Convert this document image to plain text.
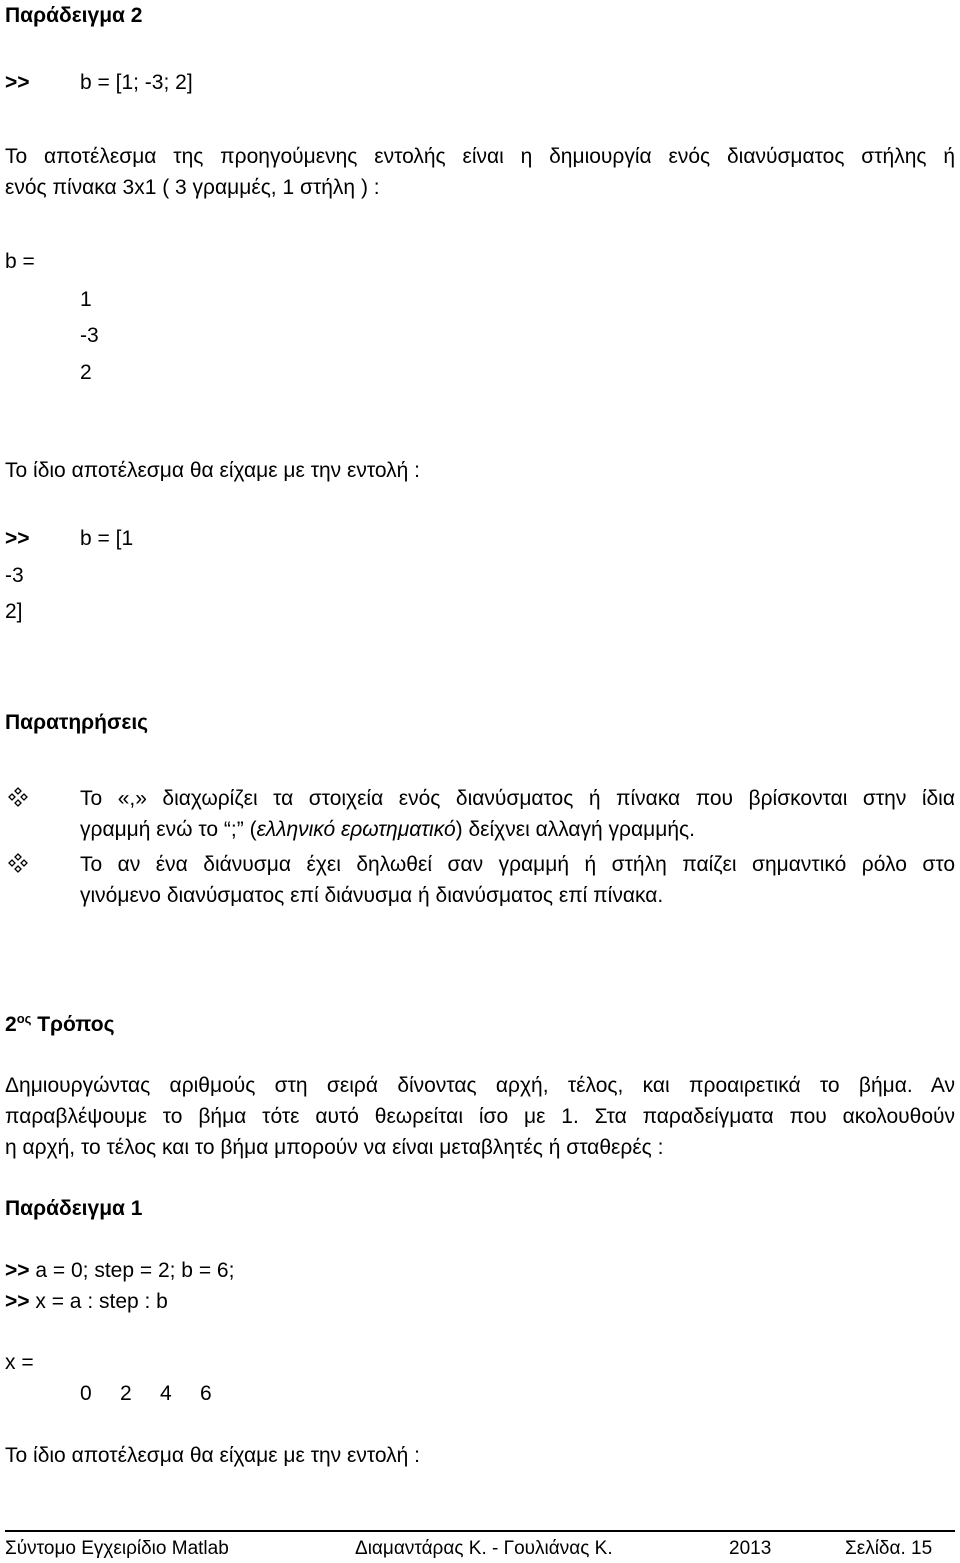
Παράδειγμα 2
>> b = [1; -3; 2]

Το αποτέλεσμα της προηγούμενης εντολής είναι η δημιουργία ενός διανύσματος στήλης ή

ενός πίνακα 3x1 ( 3 γραμμές, 1 στήλη ) :

b =
1
-3
2
Το ίδιο αποτέλεσμα θα είχαμε με την εντολή :
>> b = [1
-3
2]
Παρατηρήσεις

Το «,» διαχωρίζει τα στοιχεία ενός διανύσματος ή πίνακα που βρίσκονται στην ίδια

γραμμή ενώ το “;” (ελληνικό ερωτηματικό) δείχνει αλλαγή γραμμής.

Το αν ένα διάνυσμα έχει δηλωθεί σαν γραμμή ή στήλη παίζει σημαντικό ρόλο στο

γινόμενο διανύσματος επί διάνυσμα ή διανύσματος επί πίνακα.

$2^{o\varsigma}$ Τρόπος

Δημιουργώντας αριθμούς στη σειρά δίνοντας αρχή, τέλος, και προαιρετικά το βήμα. Αν

παραβλέψουμε το βήμα τότε αυτό θεωρείται ίσο με 1. Στα παραδείγματα που ακολουθούν

η αρχή, το τέλος και το βήμα μπορούν να είναι μεταβλητές ή σταθερές :

Παράδειγμα 1
>> a = 0; step = 2; b = 6;
>> x = a : step : b
x =
0 2 4 6
Το ίδιο αποτέλεσμα θα είχαμε με την εντολή :
Σύντομο Εγχειρίδιο Matlab	Διαμαντάρας Κ. - Γουλιάνας Κ.	2013	Σελίδα. 15
